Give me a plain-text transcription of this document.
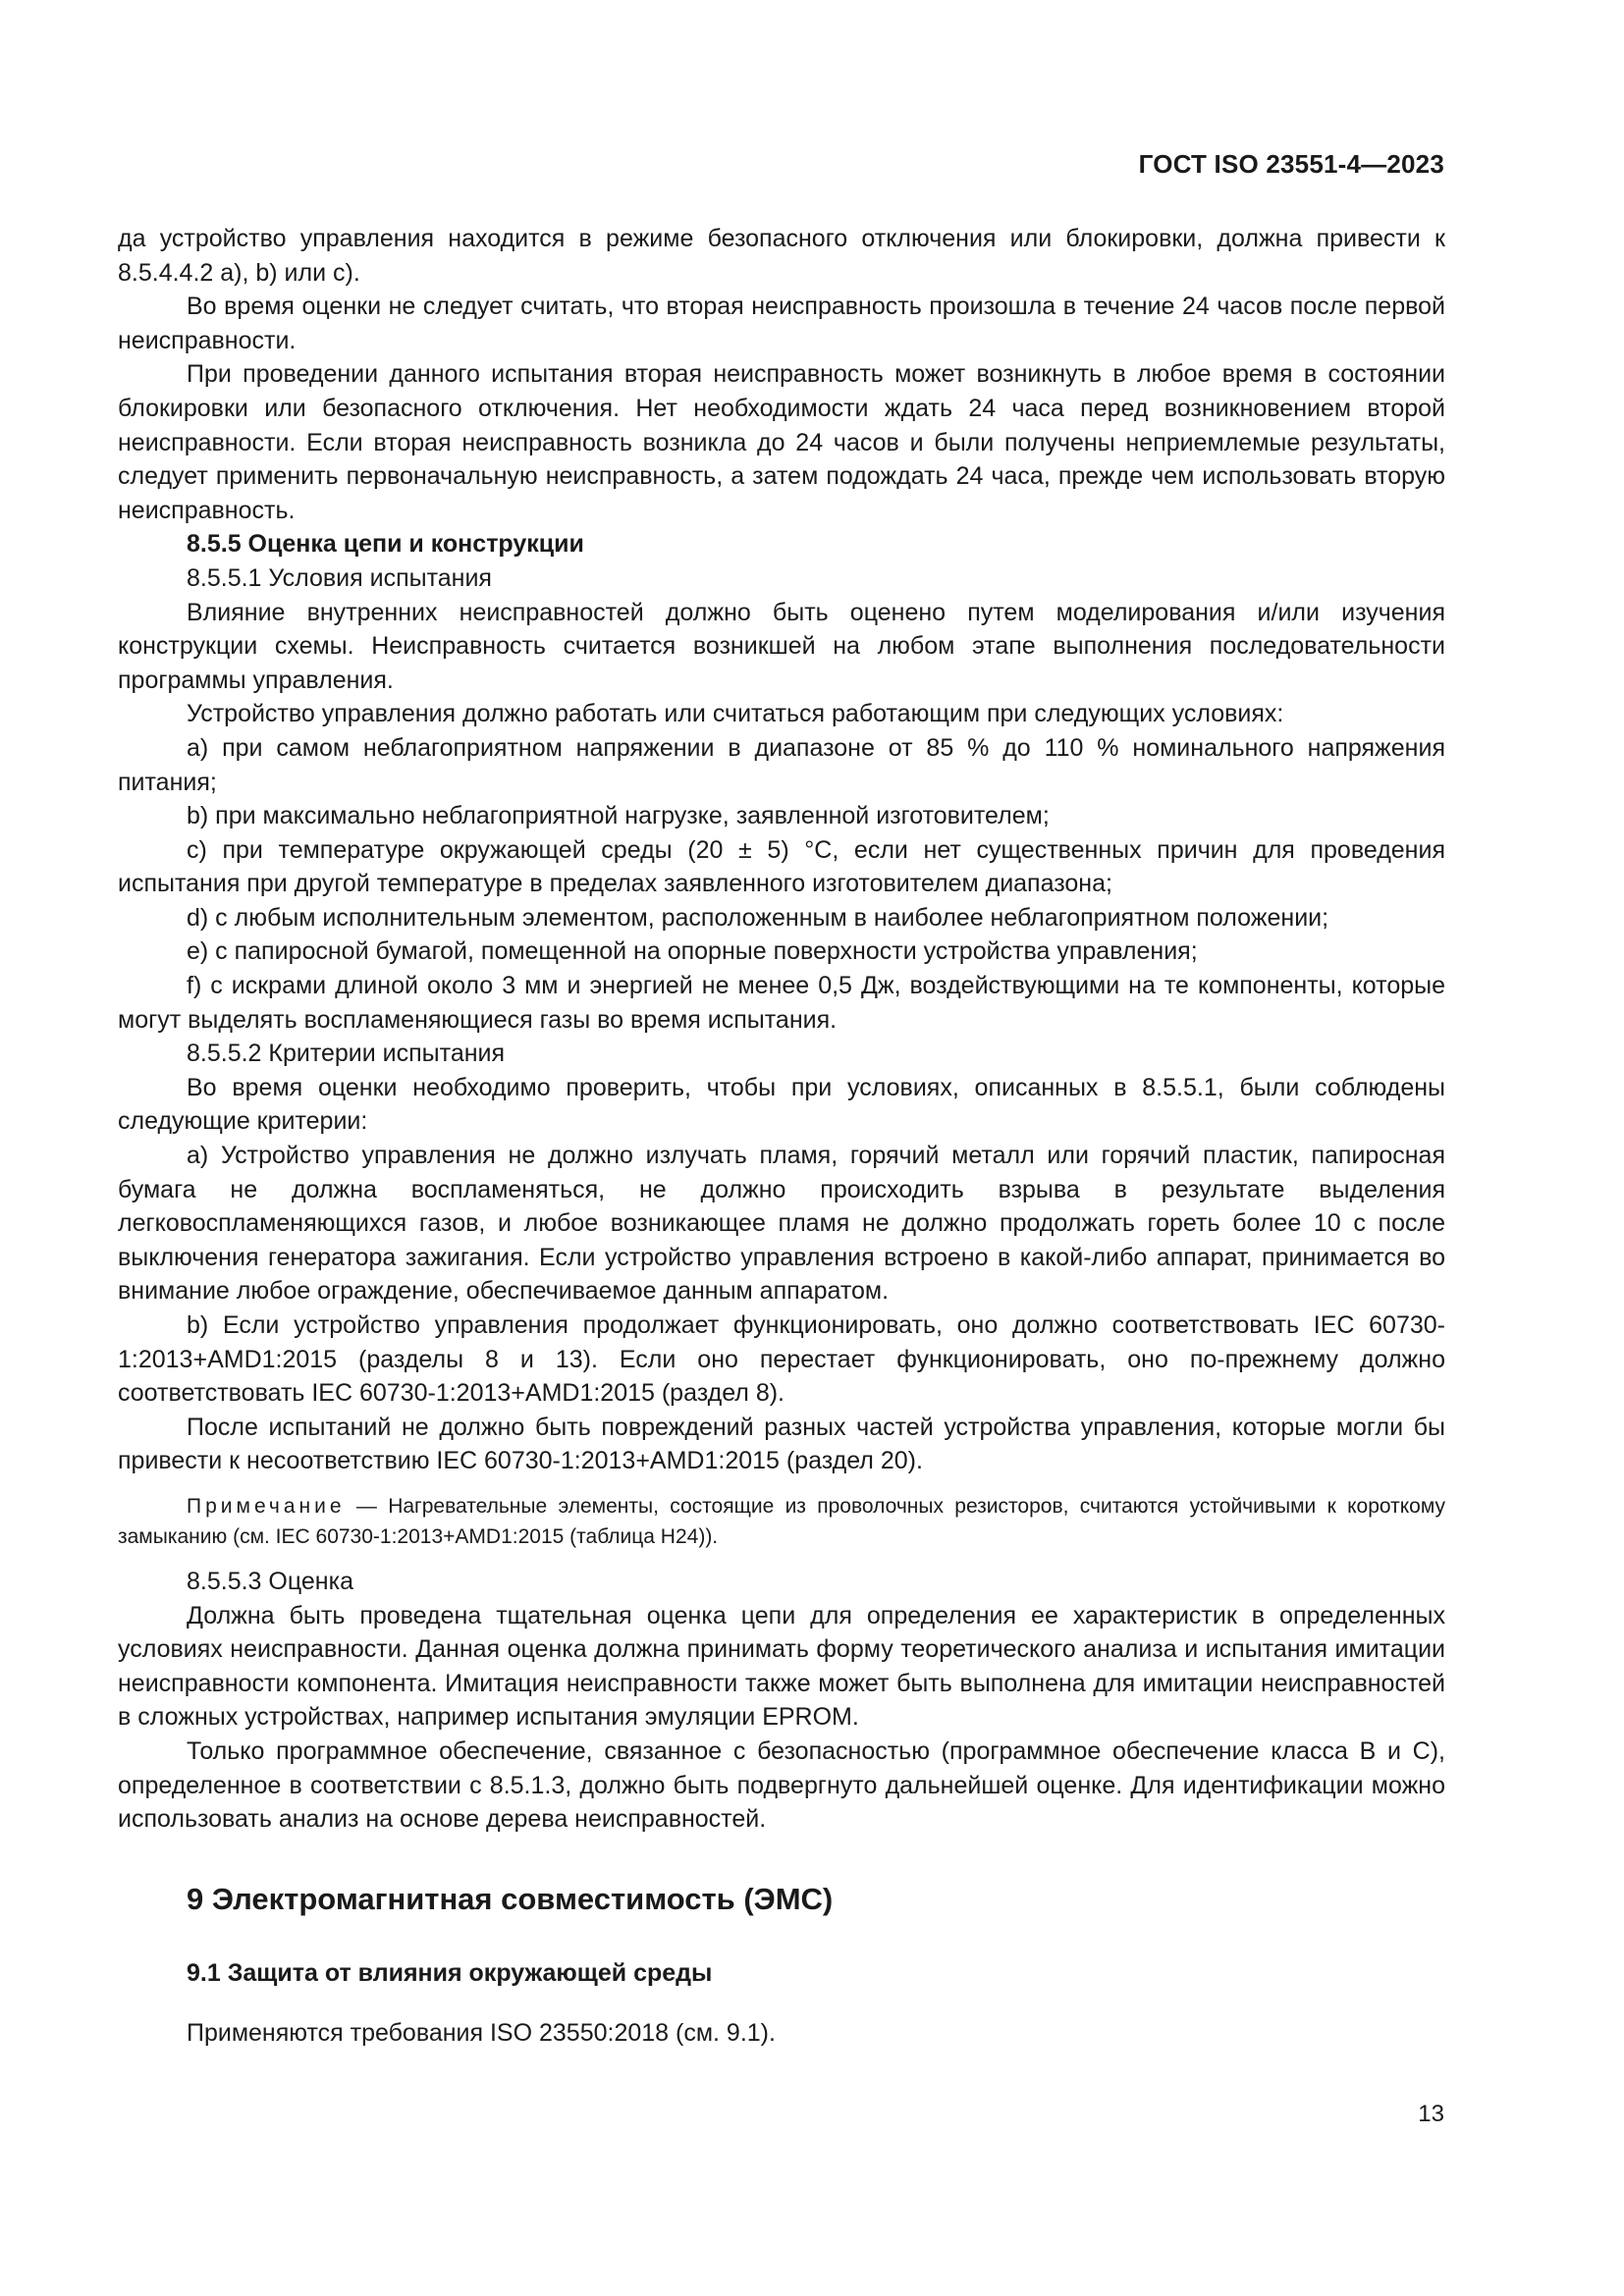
ГОСТ ISO 23551-4—2023

да устройство управления находится в режиме безопасного отключения или блокировки, должна привести к 8.5.4.4.2 а), b) или с).

Во время оценки не следует считать, что вторая неисправность произошла в течение 24 часов после первой неисправности.

При проведении данного испытания вторая неисправность может возникнуть в любое время в состоянии блокировки или безопасного отключения. Нет необходимости ждать 24 часа перед возникновением второй неисправности. Если вторая неисправность возникла до 24 часов и были получены неприемлемые результаты, следует применить первоначальную неисправность, а затем подождать 24 часа, прежде чем использовать вторую неисправность.

8.5.5 Оценка цепи и конструкции

8.5.5.1 Условия испытания

Влияние внутренних неисправностей должно быть оценено путем моделирования и/или изучения конструкции схемы. Неисправность считается возникшей на любом этапе выполнения последовательности программы управления.

Устройство управления должно работать или считаться работающим при следующих условиях:

а) при самом неблагоприятном напряжении в диапазоне от 85 % до 110 % номинального напряжения питания;

b) при максимально неблагоприятной нагрузке, заявленной изготовителем;

c) при температуре окружающей среды (20 ± 5) °С, если нет существенных причин для проведения испытания при другой температуре в пределах заявленного изготовителем диапазона;

d) с любым исполнительным элементом, расположенным в наиболее неблагоприятном положении;

е) с папиросной бумагой, помещенной на опорные поверхности устройства управления;

f) с искрами длиной около 3 мм и энергией не менее 0,5 Дж, воздействующими на те компоненты, которые могут выделять воспламеняющиеся газы во время испытания.

8.5.5.2 Критерии испытания

Во время оценки необходимо проверить, чтобы при условиях, описанных в 8.5.5.1, были соблюдены следующие критерии:

а) Устройство управления не должно излучать пламя, горячий металл или горячий пластик, папиросная бумага не должна воспламеняться, не должно происходить взрыва в результате выделения легковоспламеняющихся газов, и любое возникающее пламя не должно продолжать гореть более 10 с после выключения генератора зажигания. Если устройство управления встроено в какой-либо аппарат, принимается во внимание любое ограждение, обеспечиваемое данным аппаратом.

b) Если устройство управления продолжает функционировать, оно должно соответствовать IEC 60730-1:2013+AMD1:2015 (разделы 8 и 13). Если оно перестает функционировать, оно по-прежнему должно соответствовать IEC 60730-1:2013+AMD1:2015 (раздел 8).

После испытаний не должно быть повреждений разных частей устройства управления, которые могли бы привести к несоответствию IEC 60730-1:2013+AMD1:2015 (раздел 20).

Примечание — Нагревательные элементы, состоящие из проволочных резисторов, считаются устойчивыми к короткому замыканию (см. IEC 60730-1:2013+AMD1:2015 (таблица Н24)).

8.5.5.3 Оценка

Должна быть проведена тщательная оценка цепи для определения ее характеристик в определенных условиях неисправности. Данная оценка должна принимать форму теоретического анализа и испытания имитации неисправности компонента. Имитация неисправности также может быть выполнена для имитации неисправностей в сложных устройствах, например испытания эмуляции EPROM.

Только программное обеспечение, связанное с безопасностью (программное обеспечение класса В и С), определенное в соответствии с 8.5.1.3, должно быть подвергнуто дальнейшей оценке. Для идентификации можно использовать анализ на основе дерева неисправностей.

9 Электромагнитная совместимость (ЭМС)

9.1 Защита от влияния окружающей среды

Применяются требования ISO 23550:2018 (см. 9.1).

13
